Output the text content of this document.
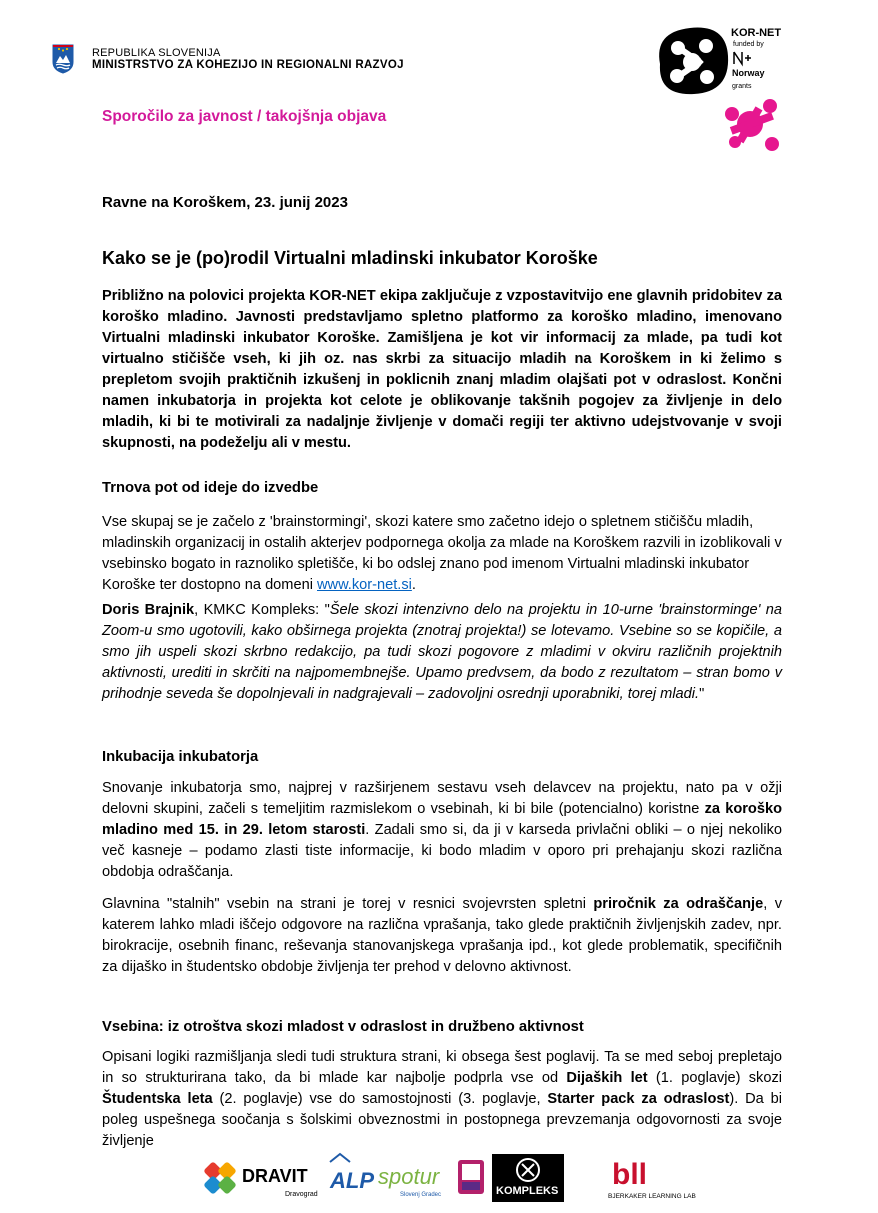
REPUBLIKA SLOVENIJA
MINISTRSTVO ZA KOHEZIJO IN REGIONALNI RAZVOJ
KOR-NET
funded by
Norway
grants
Sporočilo za javnost / takojšnja objava
Ravne na Koroškem, 23. junij 2023
Kako se je (po)rodil Virtualni mladinski inkubator Koroške

Približno na polovici projekta KOR-NET ekipa zaključuje z vzpostavitvijo ene glavnih pridobitev za koroško mladino. Javnosti predstavljamo spletno platformo za koroško mladino, imenovano Virtualni mladinski inkubator Koroške. Zamišljena je kot vir informacij za mlade, pa tudi kot virtualno stičišče vseh, ki jih oz. nas skrbi za situacijo mladih na Koroškem in ki želimo s prepletom svojih praktičnih izkušenj in poklicnih znanj mladim olajšati pot v odraslost. Končni namen inkubatorja in projekta kot celote je oblikovanje takšnih pogojev za življenje in delo mladih, ki bi te motivirali za nadaljnje življenje v domači regiji ter aktivno udejstvovanje v svoji skupnosti, na podeželju ali v mestu.

Trnova pot od ideje do izvedbe

Vse skupaj se je začelo z 'brainstormingi', skozi katere smo začetno idejo o spletnem stičišču mladih, mladinskih organizacij in ostalih akterjev podpornega okolja za mlade na Koroškem razvili in izoblikovali v vsebinsko bogato in raznoliko spletišče, ki bo odslej znano pod imenom Virtualni mladinski inkubator Koroške ter dostopno na domeni www.kor-net.si.

Doris Brajnik, KMKC Kompleks: "Šele skozi intenzivno delo na projektu in 10-urne 'brainstorminge' na Zoom-u smo ugotovili, kako obširnega projekta (znotraj projekta!) se lotevamo. Vsebine so se kopičile, a smo jih uspeli skozi skrbno redakcijo, pa tudi skozi pogovore z mladimi v okviru različnih projektnih aktivnosti, urediti in skrčiti na najpomembnejše. Upamo predvsem, da bodo z rezultatom – stran bomo v prihodnje seveda še dopolnjevali in nadgrajevali – zadovoljni osrednji uporabniki, torej mladi."

Inkubacija inkubatorja

Snovanje inkubatorja smo, najprej v razširjenem sestavu vseh delavcev na projektu, nato pa v ožji delovni skupini, začeli s temeljitim razmislekom o vsebinah, ki bi bile (potencialno) koristne za koroško mladino med 15. in 29. letom starosti. Zadali smo si, da ji v karseda privlačni obliki – o njej nekoliko več kasneje – podamo zlasti tiste informacije, ki bodo mladim v oporo pri prehajanju skozi različna obdobja odraščanja.

Glavnina "stalnih" vsebin na strani je torej v resnici svojevrsten spletni priročnik za odraščanje, v katerem lahko mladi iščejo odgovore na različna vprašanja, tako glede praktičnih življenjskih zadev, npr. birokracije, osebnih financ, reševanja stanovanjskega vprašanja ipd., kot glede problematik, specifičnih za dijaško in študentsko obdobje življenja ter prehod v delovno aktivnost.

Vsebina: iz otroštva skozi mladost v odraslost in družbeno aktivnost

Opisani logiki razmišljanja sledi tudi struktura strani, ki obsega šest poglavij. Ta se med seboj prepletajo in so strukturirana tako, da bi mlade kar najbolje podprla vse od Dijaških let (1. poglavje) skozi Študentska leta (2. poglavje) vse do samostojnosti (3. poglavje, Starter pack za odraslost). Da bi poleg uspešnega soočanja s šolskimi obveznostmi in postopnega prevzemanja odgovornosti za svoje življenje

DRAVIT
Dravograd
ALP spotur
Slovenj Gradec	KOMPLEKS bll
BJERKAKER LEARNING LAB
